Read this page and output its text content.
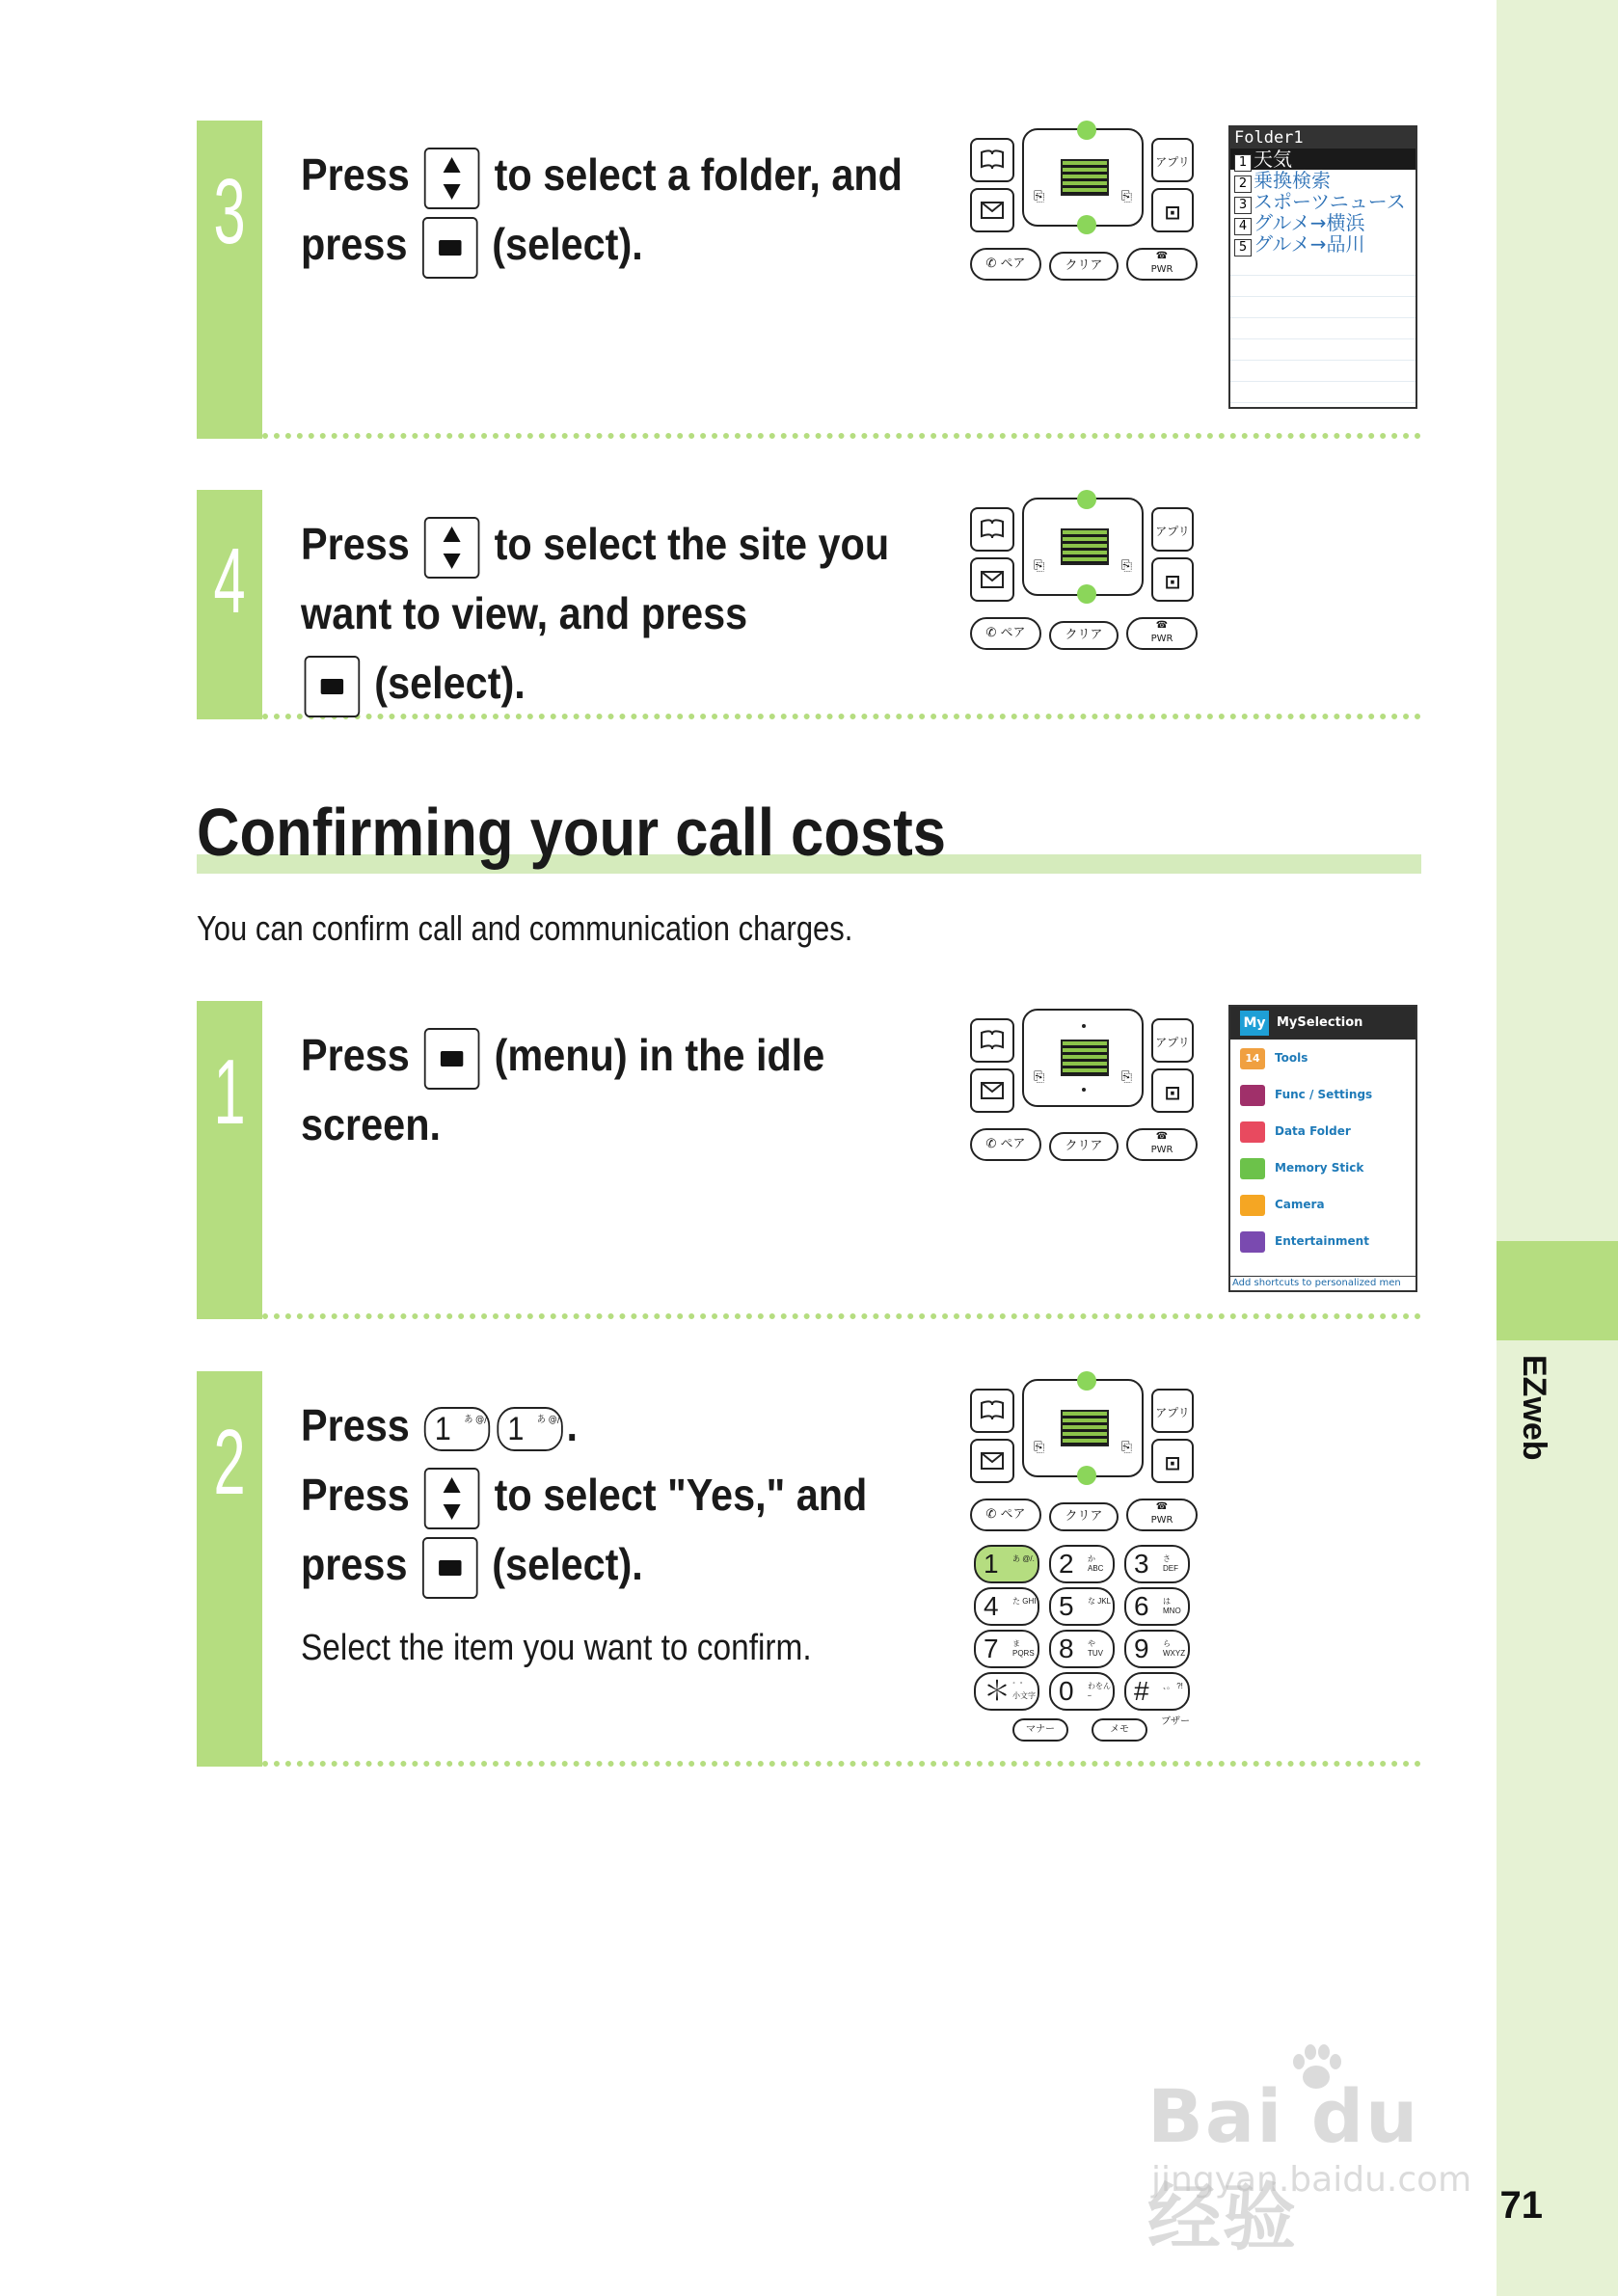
EZweb
71
Bai du 经验
jingyan.baidu.com
3 Press to select a folder, and
press (select).
⎘	⎘
アプリ
⊡
✆ ペア	クリア
☎
PWR
Folder1
1 天気
2 乗換検索
3 スポーツニュース
4 グルメ→横浜
5 グルメ→品川
4 Press to select the site you
want to view, and press
(select).
⎘	⎘
アプリ
⊡
✆ ペア	クリア
☎
PWR
Confirming your call costs
You can confirm call and communication charges.
1 Press (menu) in the idle
screen.
⎘	⎘
アプリ
⊡
✆ ペア	クリア
☎
PWR
My MySelection
14 Tools
Func / Settings
Data Folder
Memory Stick
Camera
Entertainment
Add shortcuts to personalized men
2 Press 1 あ @/. 1 あ @/. .
Press to select "Yes," and
press (select).
Select the item you want to confirm.
⎘	⎘
アプリ
⊡
✆ ペア	クリア
☎
PWR
1 あ @/. 2 か ABC	3 さ DEF
4 た GHI 5 な JKL 6 は MNO
7 ま PQRS 8 や TUV	9 ら WXYZ
＊ ゛゜ 小文字 0 わをん ｰ	# 、。 ?!
マナー	メモ
ブザー
